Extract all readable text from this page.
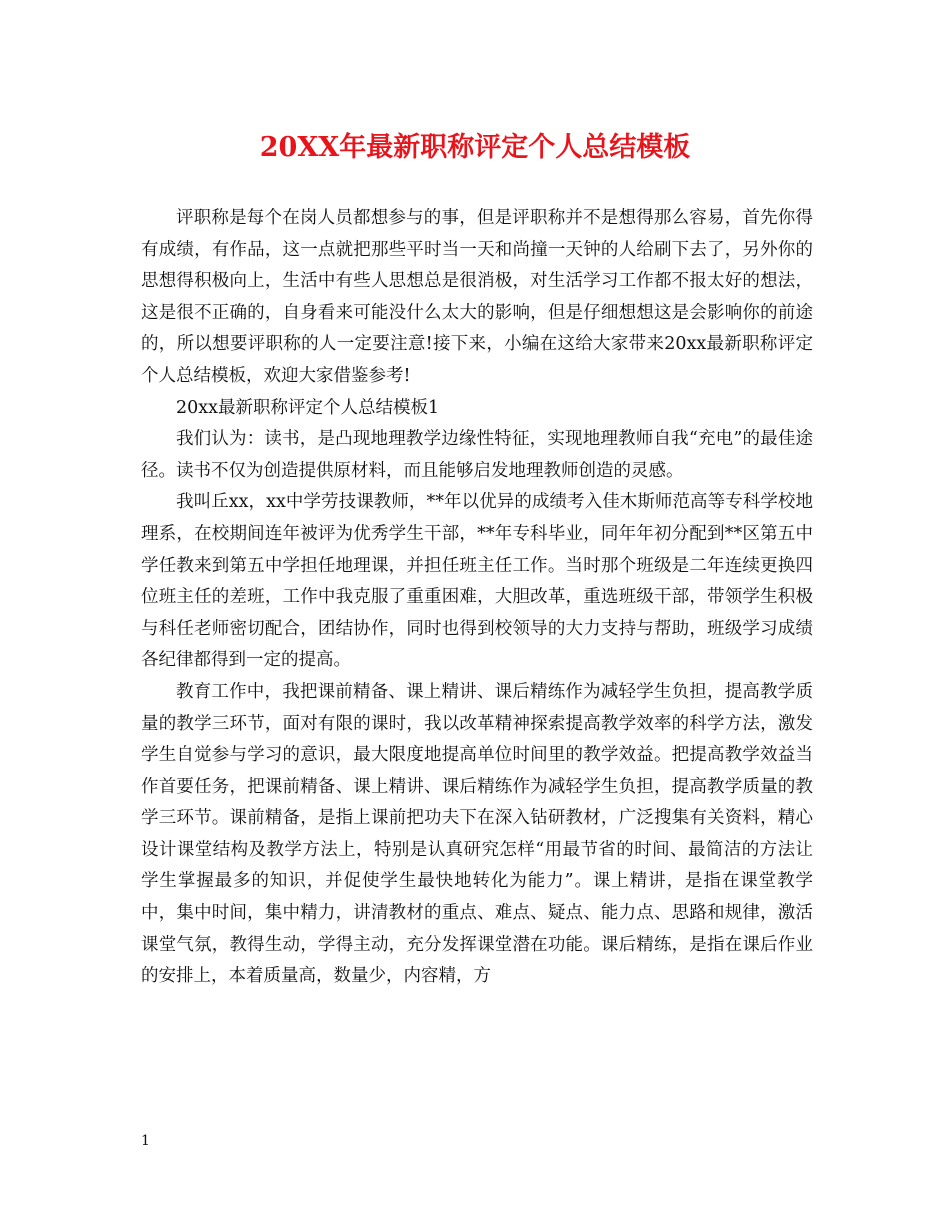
20XX年最新职称评定个人总结模板

评职称是每个在岗人员都想参与的事，但是评职称并不是想得那么容易，首先你得有成绩，有作品，这一点就把那些平时当一天和尚撞一天钟的人给刷下去了，另外你的思想得积极向上，生活中有些人思想总是很消极，对生活学习工作都不报太好的想法，这是很不正确的，自身看来可能没什么太大的影响，但是仔细想想这是会影响你的前途的，所以想要评职称的人一定要注意!接下来，小编在这给大家带来20xx最新职称评定个人总结模板，欢迎大家借鉴参考!

20xx最新职称评定个人总结模板1

我们认为：读书，是凸现地理教学边缘性特征，实现地理教师自我“充电”的最佳途径。读书不仅为创造提供原材料，而且能够启发地理教师创造的灵感。

我叫丘xx，xx中学劳技课教师，**年以优异的成绩考入佳木斯师范高等专科学校地理系，在校期间连年被评为优秀学生干部，**年专科毕业，同年年初分配到**区第五中学任教来到第五中学担任地理课，并担任班主任工作。当时那个班级是二年连续更换四位班主任的差班，工作中我克服了重重困难，大胆改革，重选班级干部，带领学生积极与科任老师密切配合，团结协作，同时也得到校领导的大力支持与帮助，班级学习成绩各纪律都得到一定的提高。

教育工作中，我把课前精备、课上精讲、课后精练作为减轻学生负担，提高教学质量的教学三环节，面对有限的课时，我以改革精神探索提高教学效率的科学方法，激发学生自觉参与学习的意识，最大限度地提高单位时间里的教学效益。把提高教学效益当作首要任务，把课前精备、课上精讲、课后精练作为减轻学生负担，提高教学质量的教学三环节。课前精备，是指上课前把功夫下在深入钻研教材，广泛搜集有关资料，精心设计课堂结构及教学方法上，特别是认真研究怎样“用最节省的时间、最简洁的方法让学生掌握最多的知识，并促使学生最快地转化为能力”。课上精讲，是指在课堂教学中，集中时间，集中精力，讲清教材的重点、难点、疑点、能力点、思路和规律，激活课堂气氛，教得生动，学得主动，充分发挥课堂潜在功能。课后精练，是指在课后作业的安排上，本着质量高，数量少，内容精，方

1
